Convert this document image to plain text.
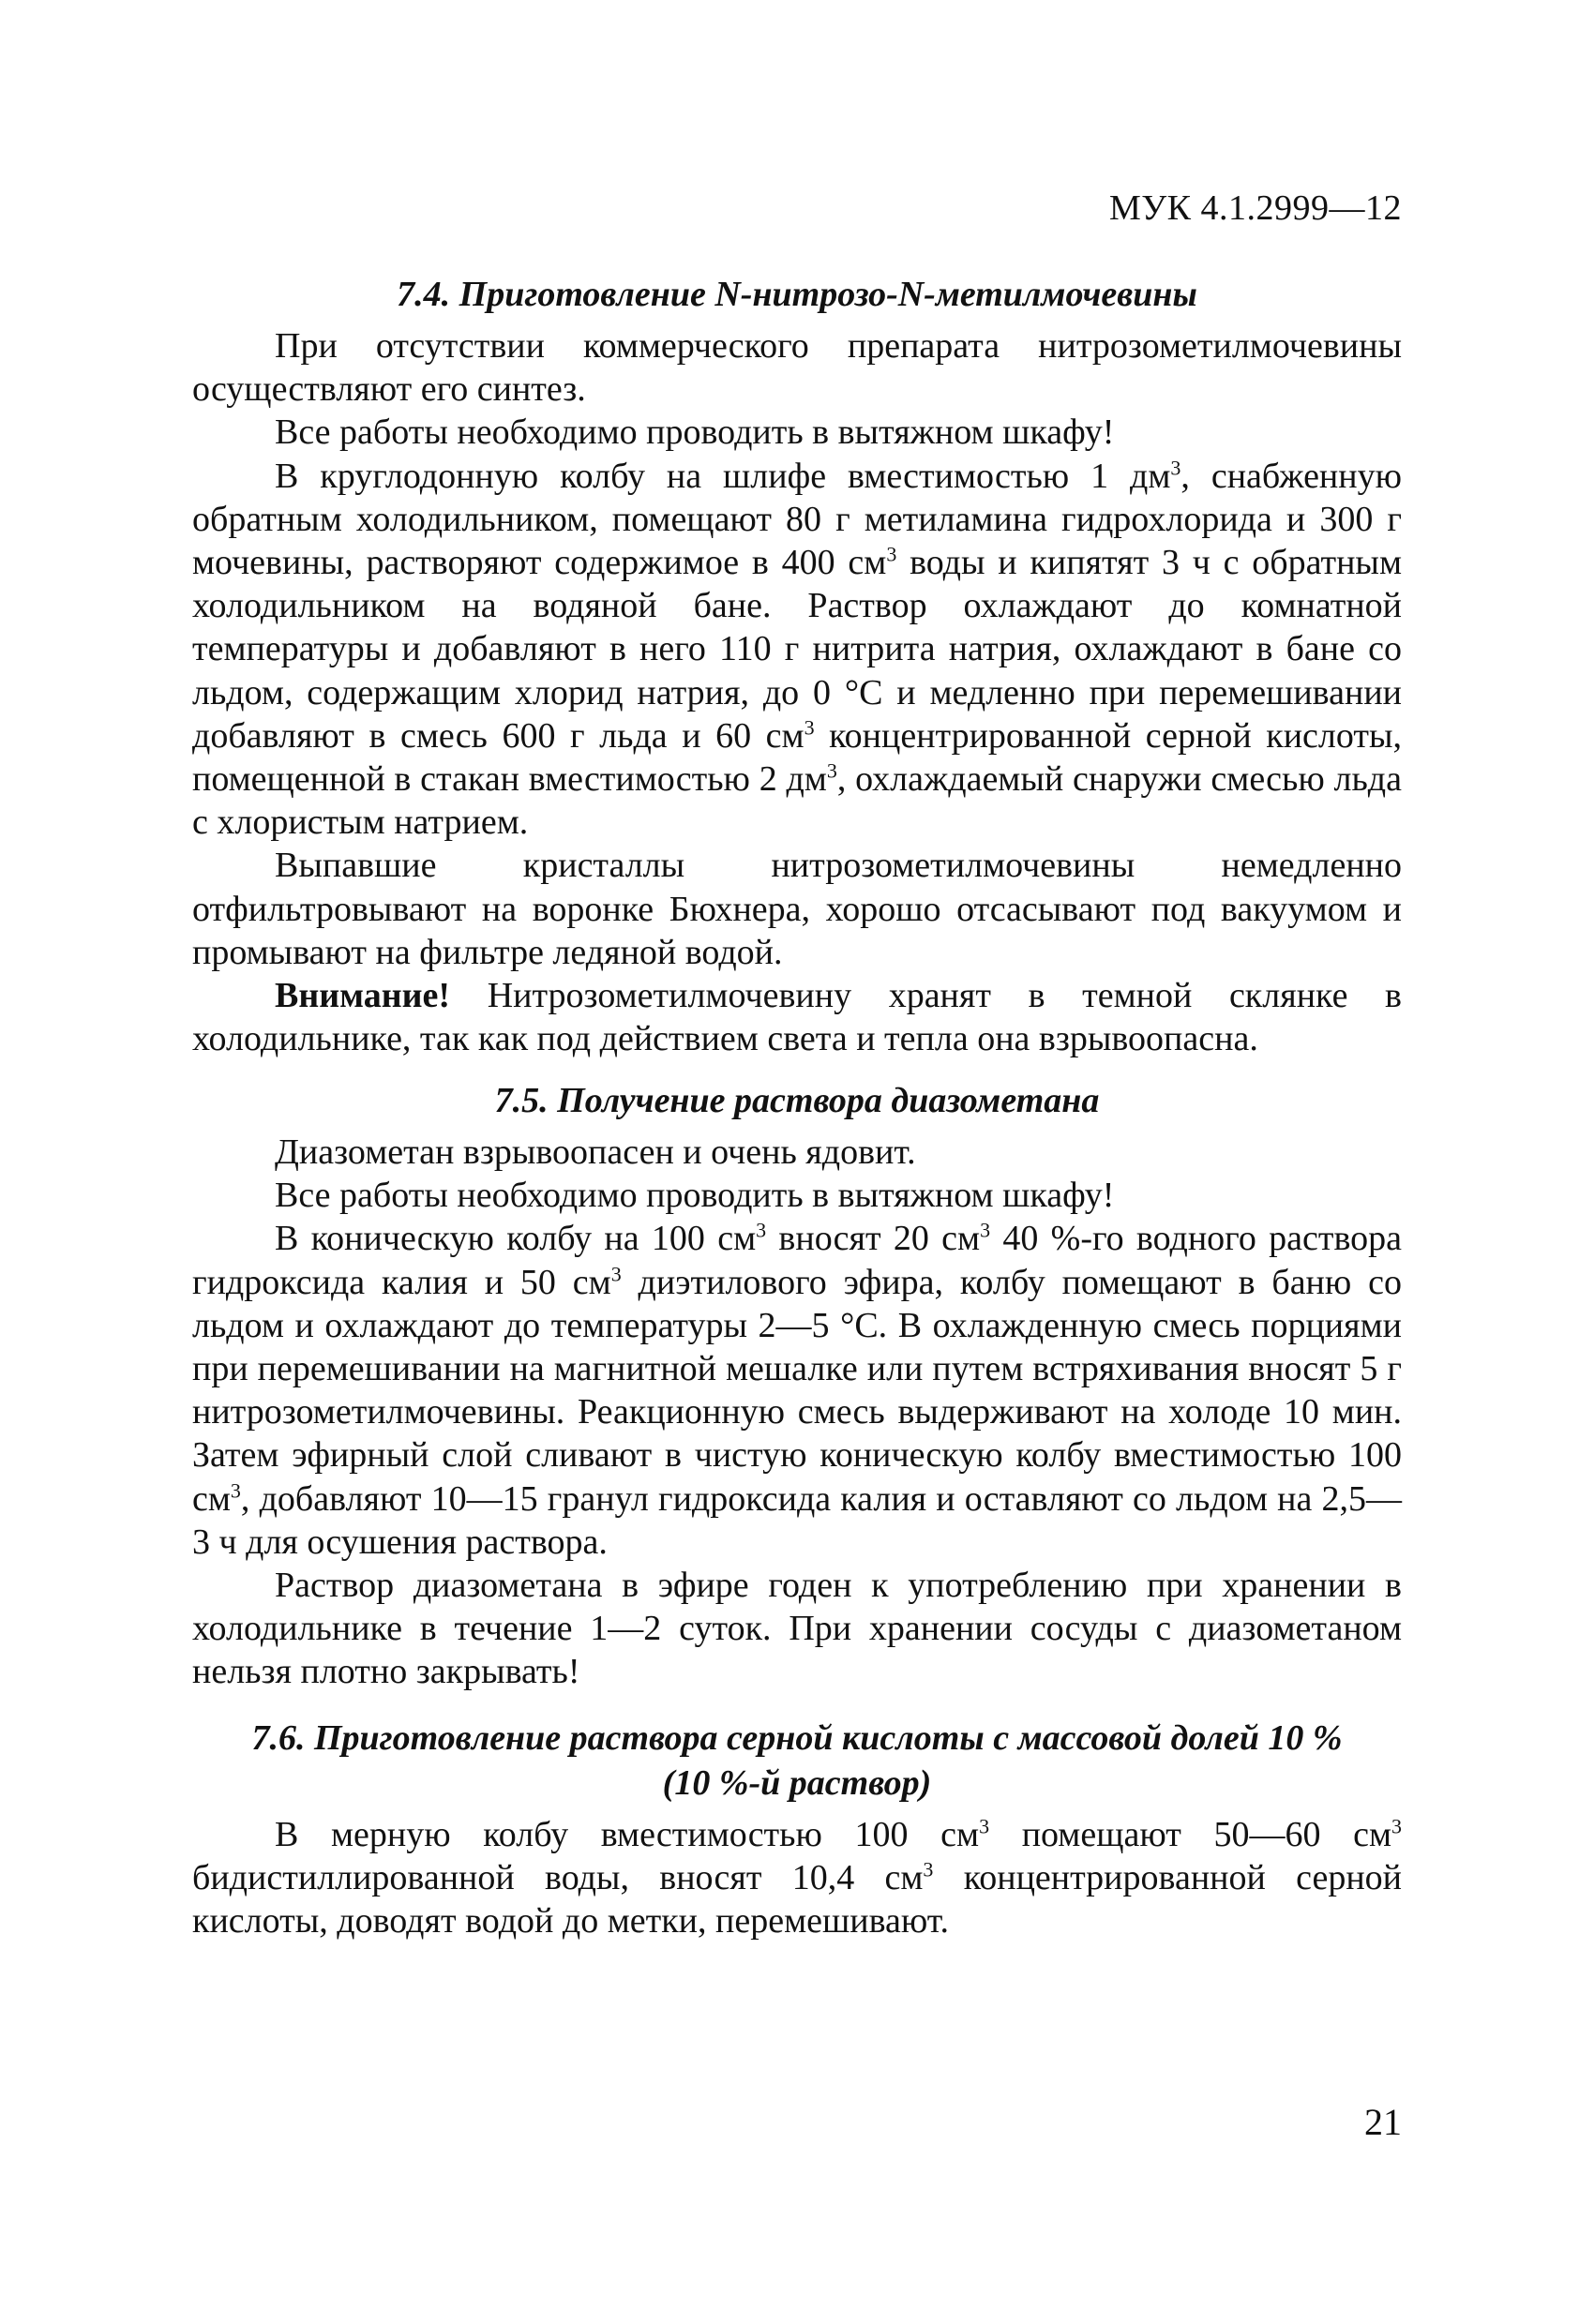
МУК 4.1.2999—12
7.4. Приготовление N-нитрозо-N-метилмочевины

При отсутствии коммерческого препарата нитрозометилмочевины осуществляют его синтез.

Все работы необходимо проводить в вытяжном шкафу!

В круглодонную колбу на шлифе вместимостью 1 $дм^3$, снабженную обратным холодильником, помещают 80 г метиламина гидрохлорида и 300 г мочевины, растворяют содержимое в 400 $см^3$ воды и кипятят 3 ч с обратным холодильником на водяной бане. Раствор охлаждают до комнатной температуры и добавляют в него 110 г нитрита натрия, охлаждают в бане со льдом, содержащим хлорид натрия, до 0 °С и медленно при перемешивании добавляют в смесь 600 г льда и 60 $см^3$ концентрированной серной кислоты, помещенной в стакан вместимостью 2 $дм^3$, охлаждаемый снаружи смесью льда с хлористым натрием.

Выпавшие кристаллы нитрозометилмочевины немедленно отфильтровывают на воронке Бюхнера, хорошо отсасывают под вакуумом и промывают на фильтре ледяной водой.

Внимание! Нитрозометилмочевину хранят в темной склянке в холодильнике, так как под действием света и тепла она взрывоопасна.

7.5. Получение раствора диазометана

Диазометан взрывоопасен и очень ядовит.

Все работы необходимо проводить в вытяжном шкафу!

В коническую колбу на 100 $см^3$ вносят 20 $см^3$ 40 %-го водного раствора гидроксида калия и 50 $см^3$ диэтилового эфира, колбу помещают в баню со льдом и охлаждают до температуры 2—5 °С. В охлажденную смесь порциями при перемешивании на магнитной мешалке или путем встряхивания вносят 5 г нитрозометилмочевины. Реакционную смесь выдерживают на холоде 10 мин. Затем эфирный слой сливают в чистую коническую колбу вместимостью 100 $см^3$, добавляют 10—15 гранул гидроксида калия и оставляют со льдом на 2,5—3 ч для осушения раствора.

Раствор диазометана в эфире годен к употреблению при хранении в холодильнике в течение 1—2 суток. При хранении сосуды с диазометаном нельзя плотно закрывать!

7.6. Приготовление раствора серной кислоты с массовой долей 10 %
(10 %-й раствор)

В мерную колбу вместимостью 100 $см^3$ помещают 50—60 $см^3$ бидистиллированной воды, вносят 10,4 $см^3$ концентрированной серной кислоты, доводят водой до метки, перемешивают.

21
